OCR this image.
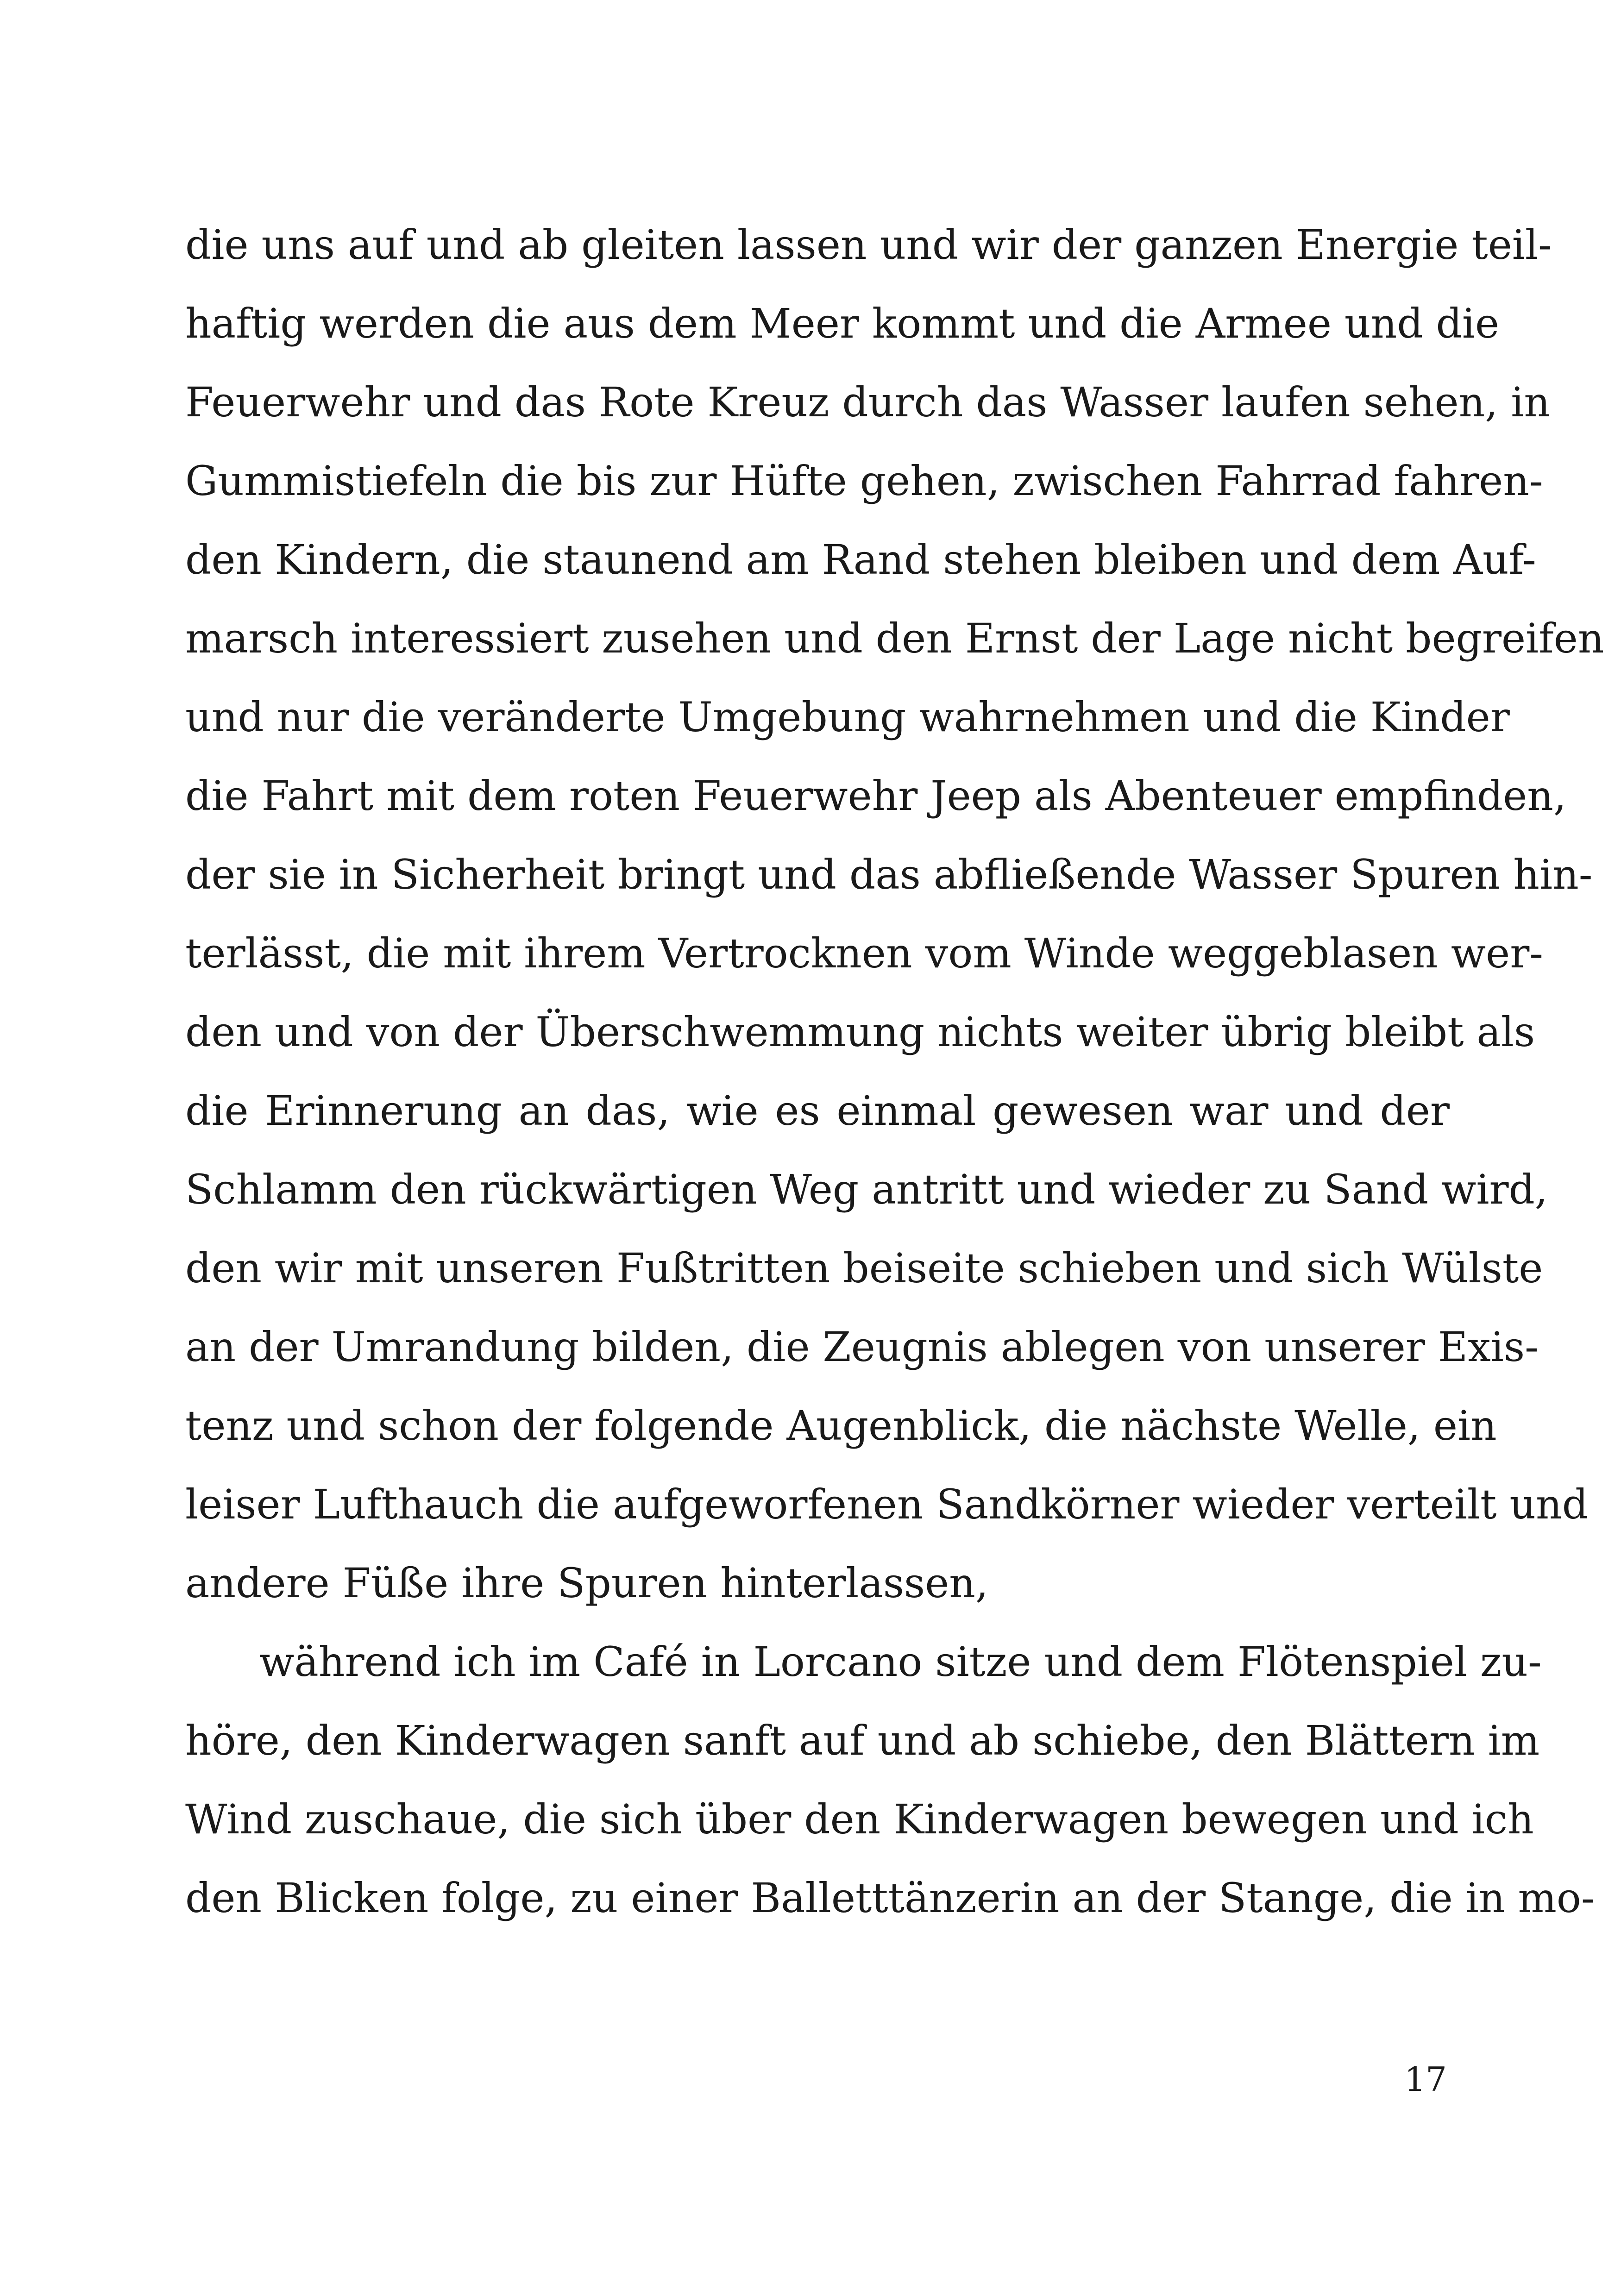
die uns auf und ab gleiten lassen und wir der ganzen Energie teil-
haftig werden die aus dem Meer kommt und die Armee und die
Feuerwehr und das Rote Kreuz durch das Wasser laufen sehen, in
Gummistiefeln die bis zur Hüfte gehen, zwischen Fahrrad fahren-
den Kindern, die staunend am Rand stehen bleiben und dem Auf-
marsch interessiert zusehen und den Ernst der Lage nicht begreifen
und nur die veränderte Umgebung wahrnehmen und die Kinder
die Fahrt mit dem roten Feuerwehr Jeep als Abenteuer empfinden,
der sie in Sicherheit bringt und das abfließende Wasser Spuren hin-
terlässt, die mit ihrem Vertrocknen vom Winde weggeblasen wer-
den und von der Überschwemmung nichts weiter übrig bleibt als
die Erinnerung an das, wie es einmal gewesen war und der
Schlamm den rückwärtigen Weg antritt und wieder zu Sand wird,
den wir mit unseren Fußtritten beiseite schieben und sich Wülste
an der Umrandung bilden, die Zeugnis ablegen von unserer Exis-
tenz und schon der folgende Augenblick, die nächste Welle, ein
leiser Lufthauch die aufgeworfenen Sandkörner wieder verteilt und
andere Füße ihre Spuren hinterlassen,
während ich im Café in Lorcano sitze und dem Flötenspiel zu-
höre, den Kinderwagen sanft auf und ab schiebe, den Blättern im
Wind zuschaue, die sich über den Kinderwagen bewegen und ich
den Blicken folge, zu einer Balletttänzerin an der Stange, die in mo-
17
